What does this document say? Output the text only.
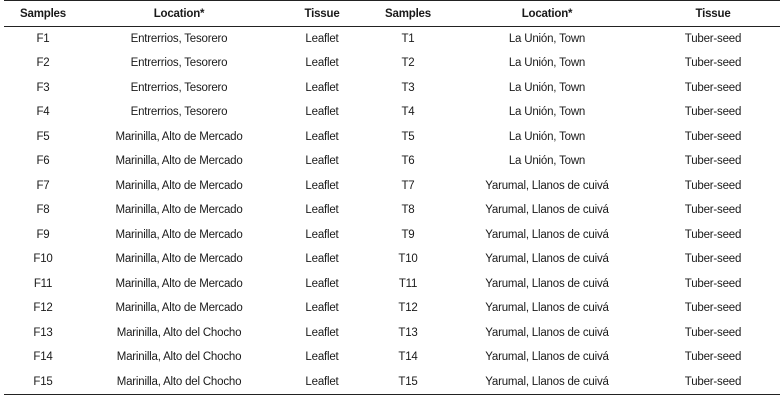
Samples	Location*	Tissue	Samples	Location*	Tissue
F1	Entrerrios, Tesorero	Leaflet	T1	La Unión, Town	Tuber-seed
F2	Entrerrios, Tesorero	Leaflet	T2	La Unión, Town	Tuber-seed
F3	Entrerrios, Tesorero	Leaflet	T3	La Unión, Town	Tuber-seed
F4	Entrerrios, Tesorero	Leaflet	T4	La Unión, Town	Tuber-seed
F5	Marinilla, Alto de Mercado	Leaflet	T5	La Unión, Town	Tuber-seed
F6	Marinilla, Alto de Mercado	Leaflet	T6	La Unión, Town	Tuber-seed
F7	Marinilla, Alto de Mercado	Leaflet	T7	Yarumal, Llanos de cuivá	Tuber-seed
F8	Marinilla, Alto de Mercado	Leaflet	T8	Yarumal, Llanos de cuivá	Tuber-seed
F9	Marinilla, Alto de Mercado	Leaflet	T9	Yarumal, Llanos de cuivá	Tuber-seed
F10	Marinilla, Alto de Mercado	Leaflet	T10	Yarumal, Llanos de cuivá	Tuber-seed
F11	Marinilla, Alto de Mercado	Leaflet	T11	Yarumal, Llanos de cuivá	Tuber-seed
F12	Marinilla, Alto de Mercado	Leaflet	T12	Yarumal, Llanos de cuivá	Tuber-seed
F13	Marinilla, Alto del Chocho	Leaflet	T13	Yarumal, Llanos de cuivá	Tuber-seed
F14	Marinilla, Alto del Chocho	Leaflet	T14	Yarumal, Llanos de cuivá	Tuber-seed
F15	Marinilla, Alto del Chocho	Leaflet	T15	Yarumal, Llanos de cuivá	Tuber-seed
